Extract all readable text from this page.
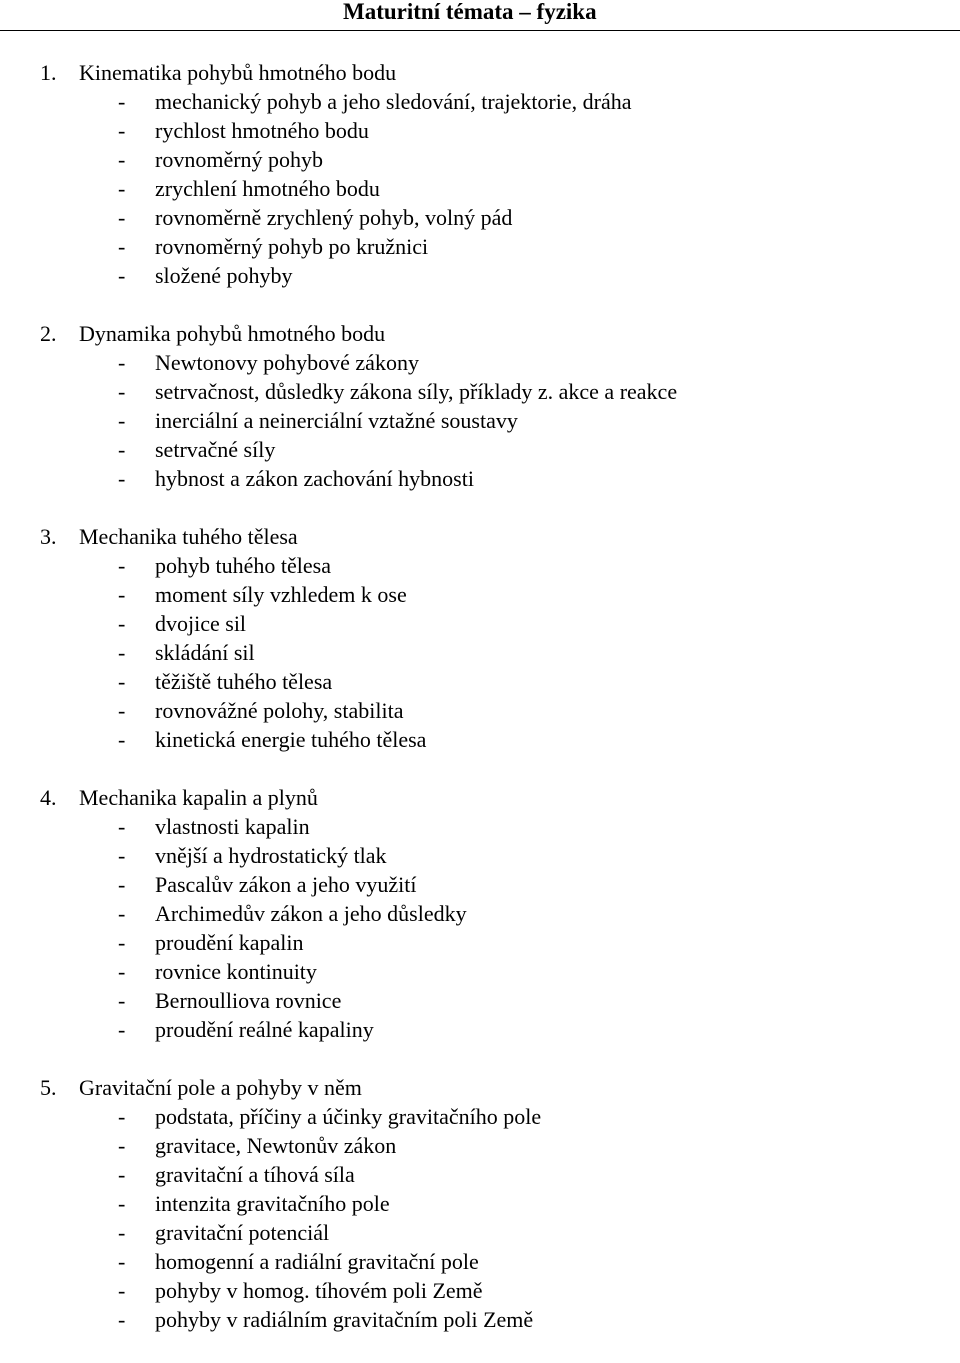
Maturitní témata – fyzika
1. Kinematika pohybů hmotného bodu
- mechanický pohyb a jeho sledování, trajektorie, dráha
- rychlost hmotného bodu
- rovnoměrný pohyb
- zrychlení hmotného bodu
- rovnoměrně zrychlený pohyb, volný pád
- rovnoměrný pohyb po kružnici
- složené pohyby
2. Dynamika pohybů hmotného bodu
- Newtonovy pohybové zákony
- setrvačnost, důsledky zákona síly, příklady z. akce a reakce
- inerciální a neinerciální vztažné soustavy
- setrvačné síly
- hybnost a zákon zachování hybnosti
3. Mechanika tuhého tělesa
- pohyb tuhého tělesa
- moment síly vzhledem k ose
- dvojice sil
- skládání sil
- těžiště tuhého tělesa
- rovnovážné polohy, stabilita
- kinetická energie tuhého tělesa
4. Mechanika kapalin a plynů
- vlastnosti kapalin
- vnější a hydrostatický tlak
- Pascalův zákon a jeho využití
- Archimedův zákon a jeho důsledky
- proudění kapalin
- rovnice kontinuity
- Bernoulliova rovnice
- proudění reálné kapaliny
5. Gravitační pole a pohyby v něm
- podstata, příčiny a účinky gravitačního pole
- gravitace, Newtonův zákon
- gravitační a tíhová síla
- intenzita gravitačního pole
- gravitační potenciál
- homogenní a radiální gravitační pole
- pohyby v homog. tíhovém poli Země
- pohyby v radiálním gravitačním poli Země
